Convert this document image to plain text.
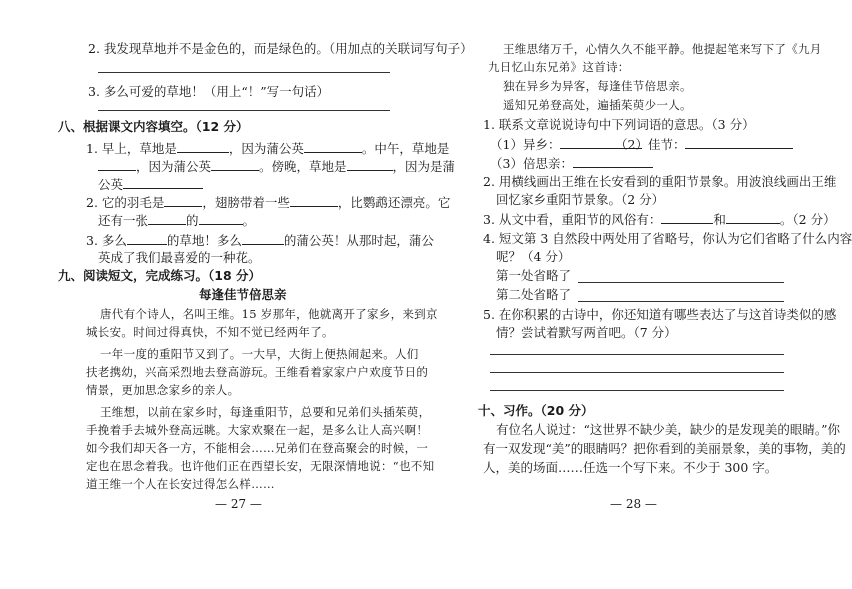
2. 我发现草地并不是金色的，而是绿色的。（用加点的关联词写句子）
3. 多么可爱的草地！（用上“！”写一句话）
八、根据课文内容填空。（12 分）
1. 早上，草地是	，因为蒲公英	。中午，草地是
，因为蒲公英	。傍晚，草地是	，因为是蒲
公英
2. 它的羽毛是	，翅膀带着一些	，比鹦鹉还漂亮。它
还有一张	的	。
3. 多么	的草地！多么	的蒲公英！从那时起，蒲公
英成了我们最喜爱的一种花。
九、阅读短文，完成练习。（18 分）
每逢佳节倍思亲
唐代有个诗人，名叫王维。15 岁那年，他就离开了家乡，来到京
城长安。时间过得真快，不知不觉已经两年了。
一年一度的重阳节又到了。一大早，大街上便热闹起来。人们
扶老携幼，兴高采烈地去登高游玩。王维看着家家户户欢度节日的
情景，更加思念家乡的亲人。
王维想，以前在家乡时，每逢重阳节，总要和兄弟们头插茱萸，
手挽着手去城外登高远眺。大家欢聚在一起，是多么让人高兴啊！
如今我们却天各一方，不能相会……兄弟们在登高聚会的时候，一
定也在思念着我。也许他们正在西望长安，无限深情地说：“也不知
道王维一个人在长安过得怎么样……
— 27 —
王维思绪万千，心情久久不能平静。他提起笔来写下了《九月
九日忆山东兄弟》这首诗：
独在异乡为异客，每逢佳节倍思亲。
遥知兄弟登高处，遍插茱萸少一人。
1. 联系文章说说诗句中下列词语的意思。（3 分）
（1）异乡：	（2）佳节：
（3）倍思亲：
2. 用横线画出王维在长安看到的重阳节景象。用波浪线画出王维
回忆家乡重阳节景象。（2 分）
3. 从文中看，重阳节的风俗有：	和	。（2 分）
4. 短文第 3 自然段中两处用了省略号，你认为它们省略了什么内容
呢？（4 分）
第一处省略了
第二处省略了
5. 在你积累的古诗中，你还知道有哪些表达了与这首诗类似的感
情？尝试着默写两首吧。（7 分）
十、习作。（20 分）
有位名人说过：“这世界不缺少美，缺少的是发现美的眼睛。”你
有一双发现“美”的眼睛吗？把你看到的美丽景象，美的事物，美的
人，美的场面……任选一个写下来。不少于 300 字。
— 28 —
